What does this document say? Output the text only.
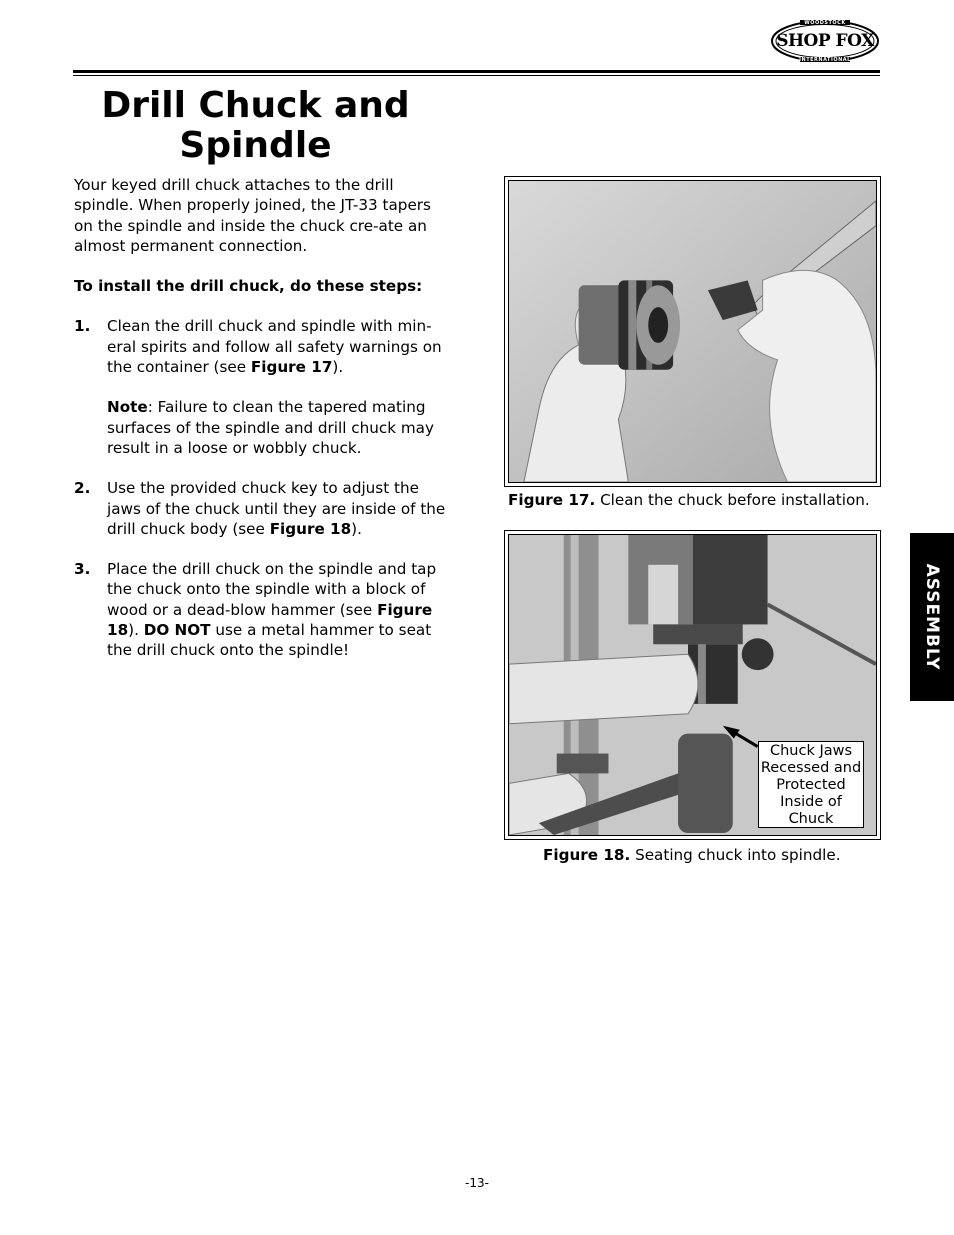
WOODSTOCK
INTERNATIONAL
SHOP FOX
Drill Chuck and
Spindle

Your keyed drill chuck attaches to the drill spindle. When properly joined, the JT-33 tapers on the spindle and inside the chuck cre-ate an almost permanent connection.

To install the drill chuck, do these steps:

1. Clean the drill chuck and spindle with min-eral spirits and follow all safety warnings on the container (see Figure 17).

Note: Failure to clean the tapered mating surfaces of the spindle and drill chuck may result in a loose or wobbly chuck.

2. Use the provided chuck key to adjust the jaws of the chuck until they are inside of the drill chuck body (see Figure 18).

3. Place the drill chuck on the spindle and tap the chuck onto the spindle with a block of wood or a dead-blow hammer (see Figure 18). DO NOT use a metal hammer to seat the drill chuck onto the spindle!

Figure 17. Clean the chuck before installation.
Chuck Jaws
Recessed and
Protected
Inside of
Chuck
Figure 18. Seating chuck into spindle.
ASSEMBLY
-13-
